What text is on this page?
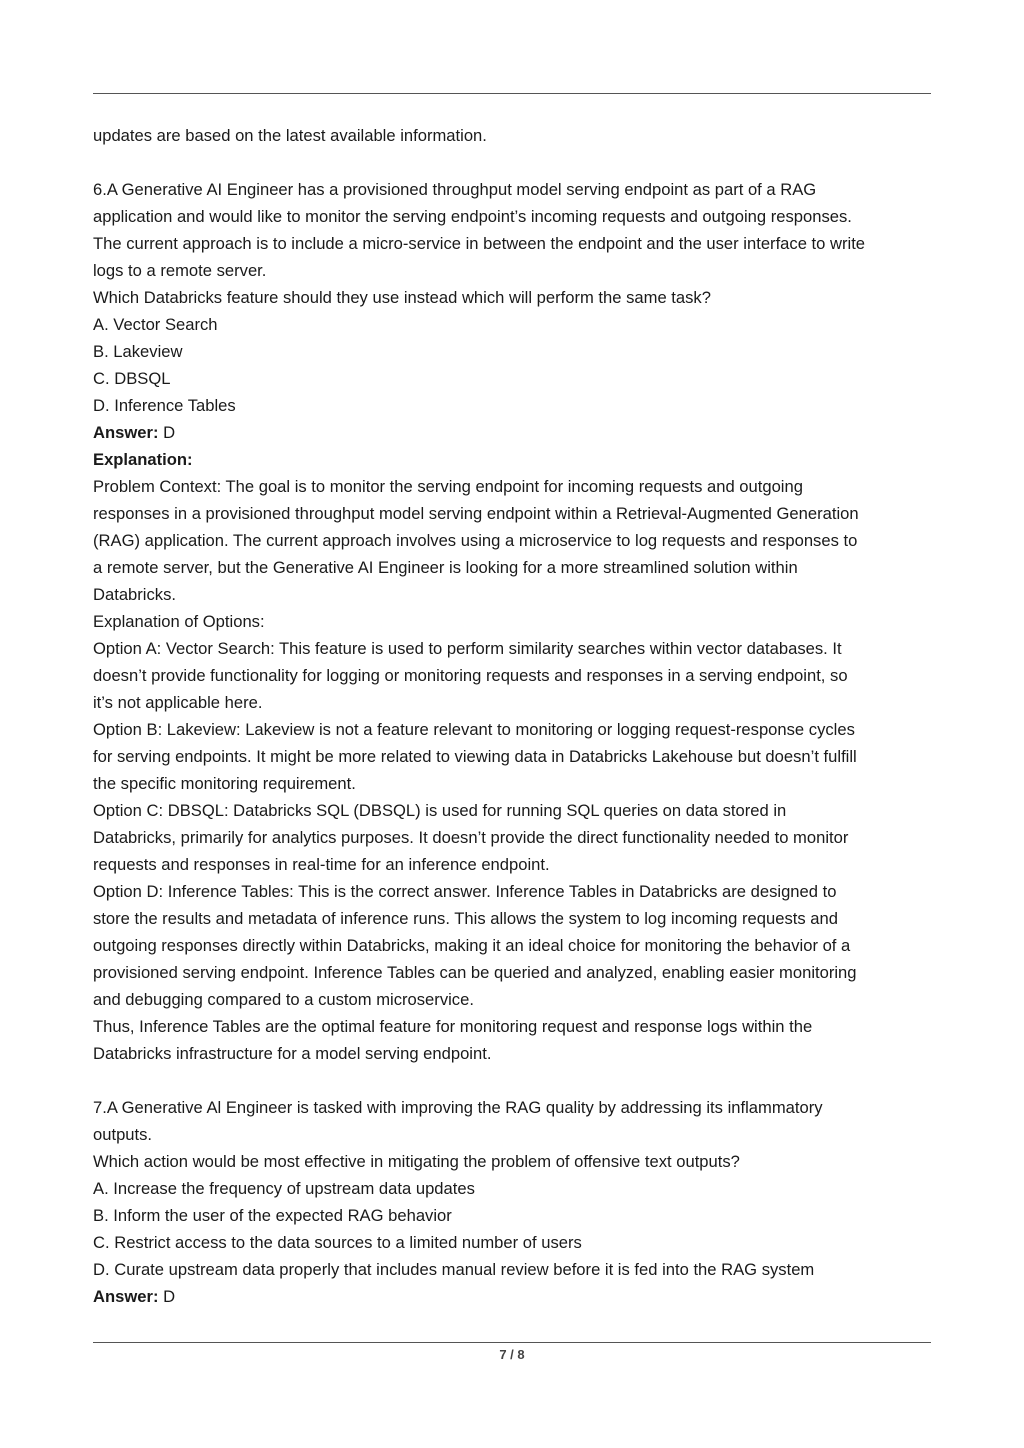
updates are based on the latest available information.
6.A Generative AI Engineer has a provisioned throughput model serving endpoint as part of a RAG
application and would like to monitor the serving endpoint’s incoming requests and outgoing responses.
The current approach is to include a micro-service in between the endpoint and the user interface to write
logs to a remote server.
Which Databricks feature should they use instead which will perform the same task?
A. Vector Search
B. Lakeview
C. DBSQL
D. Inference Tables
Answer: D
Explanation:
Problem Context: The goal is to monitor the serving endpoint for incoming requests and outgoing
responses in a provisioned throughput model serving endpoint within a Retrieval-Augmented Generation
(RAG) application. The current approach involves using a microservice to log requests and responses to
a remote server, but the Generative AI Engineer is looking for a more streamlined solution within
Databricks.
Explanation of Options:
Option A: Vector Search: This feature is used to perform similarity searches within vector databases. It
doesn’t provide functionality for logging or monitoring requests and responses in a serving endpoint, so
it’s not applicable here.
Option B: Lakeview: Lakeview is not a feature relevant to monitoring or logging request-response cycles
for serving endpoints. It might be more related to viewing data in Databricks Lakehouse but doesn’t fulfill
the specific monitoring requirement.
Option C: DBSQL: Databricks SQL (DBSQL) is used for running SQL queries on data stored in
Databricks, primarily for analytics purposes. It doesn’t provide the direct functionality needed to monitor
requests and responses in real-time for an inference endpoint.
Option D: Inference Tables: This is the correct answer. Inference Tables in Databricks are designed to
store the results and metadata of inference runs. This allows the system to log incoming requests and
outgoing responses directly within Databricks, making it an ideal choice for monitoring the behavior of a
provisioned serving endpoint. Inference Tables can be queried and analyzed, enabling easier monitoring
and debugging compared to a custom microservice.
Thus, Inference Tables are the optimal feature for monitoring request and response logs within the
Databricks infrastructure for a model serving endpoint.
7.A Generative Al Engineer is tasked with improving the RAG quality by addressing its inflammatory
outputs.
Which action would be most effective in mitigating the problem of offensive text outputs?
A. Increase the frequency of upstream data updates
B. Inform the user of the expected RAG behavior
C. Restrict access to the data sources to a limited number of users
D. Curate upstream data properly that includes manual review before it is fed into the RAG system
Answer: D
7 / 8
